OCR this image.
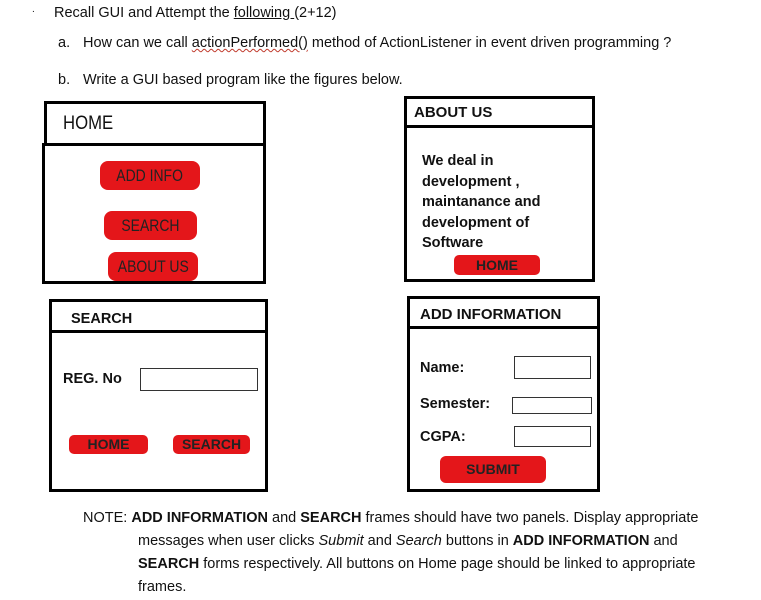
. Recall GUI and Attempt the following (2+12)
a. How can we call actionPerformed() method of ActionListener in event driven programming ?
b. Write a GUI based program like the figures below.
HOME
ADD INFO
SEARCH
ABOUT US
ABOUT US
We deal in
development ,
maintanance and
development of
Software
HOME
SEARCH
REG. No
HOME	SEARCH
ADD INFORMATION
Name:
Semester:
CGPA:
SUBMIT
NOTE: ADD INFORMATION and SEARCH frames should have two panels. Display appropriate
messages when user clicks Submit and Search buttons in ADD INFORMATION and
SEARCH forms respectively. All buttons on Home page should be linked to appropriate
frames.
